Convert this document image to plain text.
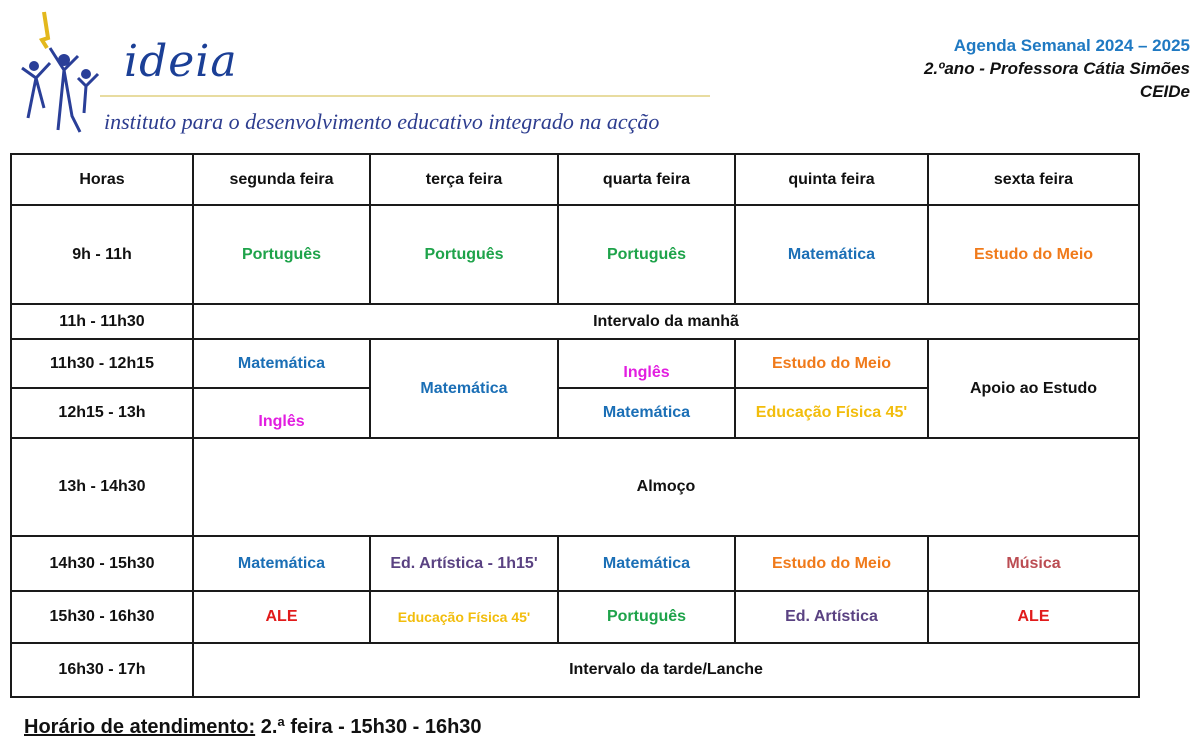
ideia
instituto para o desenvolvimento educativo integrado na acção
Agenda Semanal 2024 – 2025
2.ºano - Professora Cátia Simões
CEIDe
Horas	segunda feira	terça feira	quarta feira	quinta feira	sexta feira
9h - 11h	Português	Português	Português	Matemática	Estudo do Meio
11h - 11h30	Intervalo da manhã				
11h30 - 12h15	Matemática	Matemática	Inglês	Estudo do Meio	Apoio ao Estudo
12h15 - 13h	Inglês		Matemática	Educação Física 45'	
13h - 14h30	Almoço				
14h30 - 15h30	Matemática	Ed. Artística - 1h15'	Matemática	Estudo do Meio	Música
15h30 - 16h30	ALE	Educação Física 45'	Português	Ed. Artística	ALE
16h30 - 17h	Intervalo da tarde/Lanche				
Horário de atendimento: 2.ª feira - 15h30 - 16h30
